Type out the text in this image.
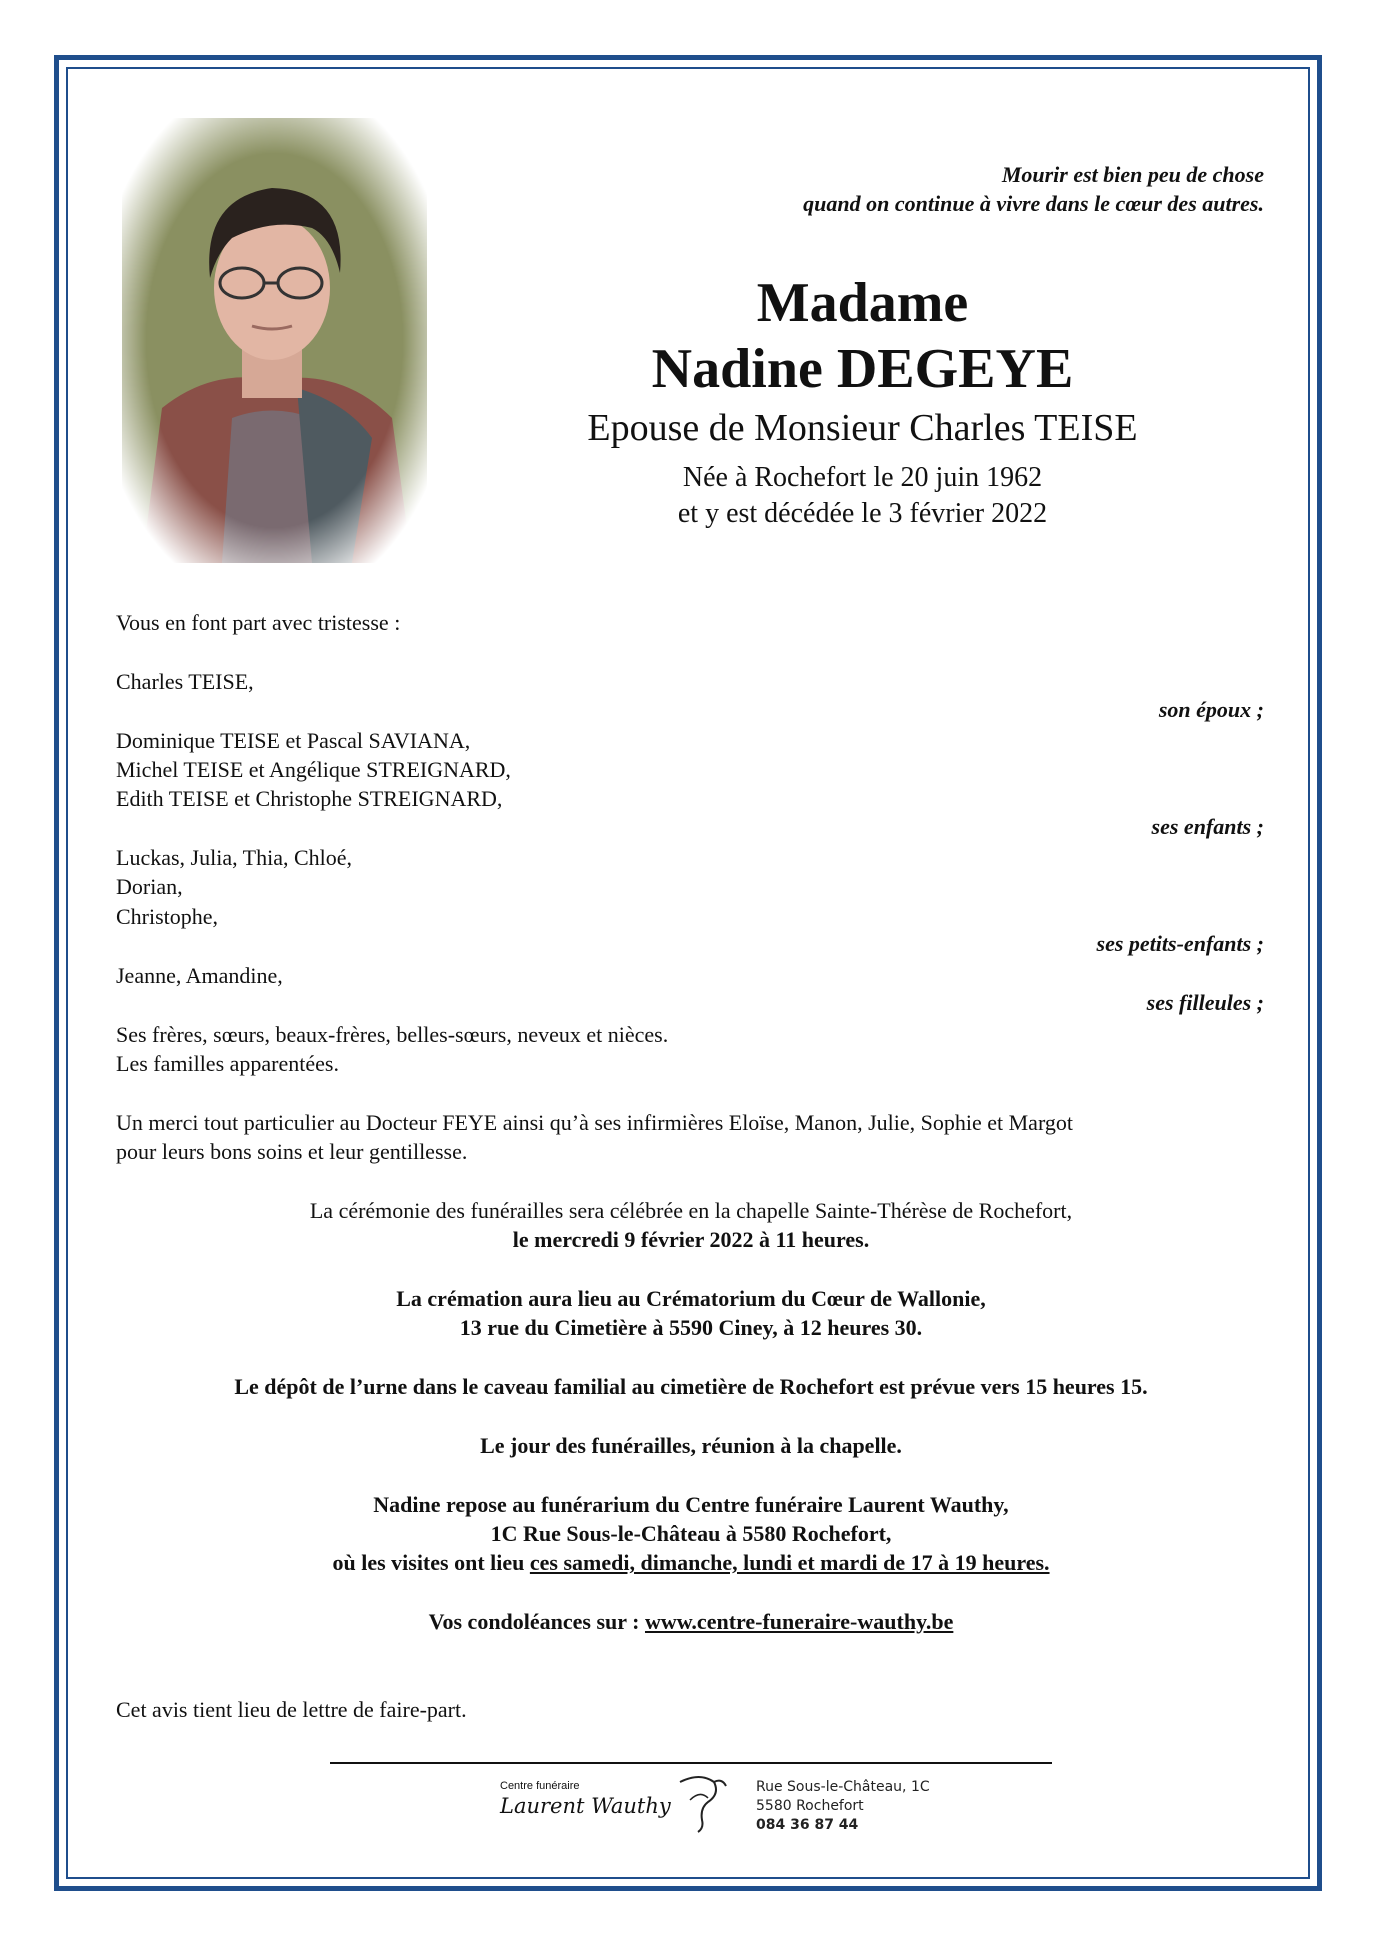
Mourir est bien peu de chose
quand on continue à vivre dans le cœur des autres.
Madame
Nadine DEGEYE
Epouse de Monsieur Charles TEISE
Née à Rochefort le 20 juin 1962
et y est décédée le 3 février 2022
Vous en font part avec tristesse :
Charles TEISE,
son époux ;
Dominique TEISE et Pascal SAVIANA,
Michel TEISE et Angélique STREIGNARD,
Edith TEISE et Christophe STREIGNARD,
ses enfants ;
Luckas, Julia, Thia, Chloé,
Dorian,
Christophe,
ses petits-enfants ;
Jeanne, Amandine,
ses filleules ;
Ses frères, sœurs, beaux-frères, belles-sœurs, neveux et nièces.
Les familles apparentées.
Un merci tout particulier au Docteur FEYE ainsi qu’à ses infirmières Eloïse, Manon, Julie, Sophie et Margot
pour leurs bons soins et leur gentillesse.
La cérémonie des funérailles sera célébrée en la chapelle Sainte-Thérèse de Rochefort,
le mercredi 9 février 2022 à 11 heures.
La crémation aura lieu au Crématorium du Cœur de Wallonie,
13 rue du Cimetière à 5590 Ciney, à 12 heures 30.
Le dépôt de l’urne dans le caveau familial au cimetière de Rochefort est prévue vers 15 heures 15.
Le jour des funérailles, réunion à la chapelle.
Nadine repose au funérarium du Centre funéraire Laurent Wauthy,
1C Rue Sous-le-Château à 5580 Rochefort,
où les visites ont lieu ces samedi, dimanche, lundi et mardi de 17 à 19 heures.
Vos condoléances sur : www.centre-funeraire-wauthy.be
Cet avis tient lieu de lettre de faire-part.
Centre funéraire
Laurent Wauthy
Rue Sous-le-Château, 1C
5580 Rochefort
084 36 87 44
